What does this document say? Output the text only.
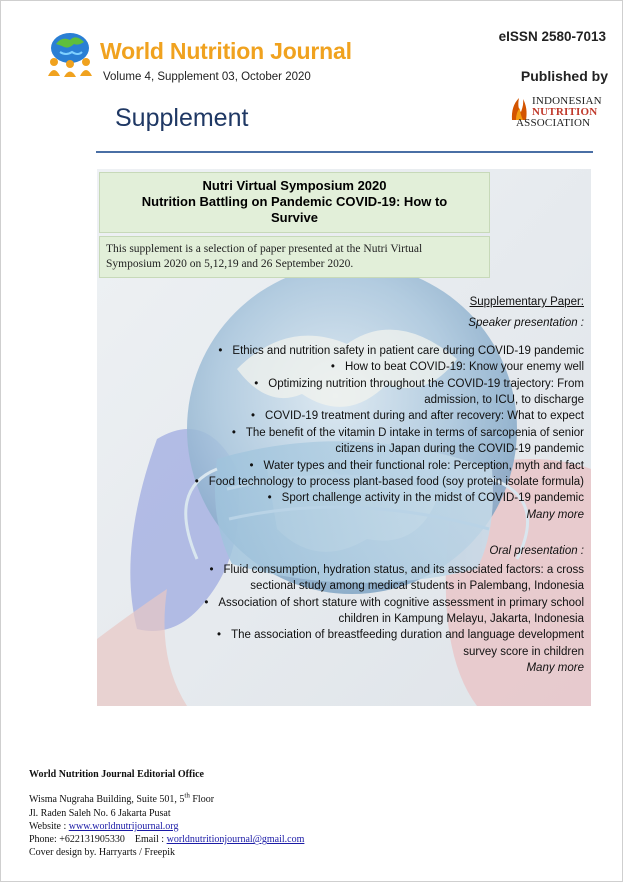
World Nutrition Journal
Volume 4, Supplement 03, October 2020
eISSN 2580-7013
Published by
INDONESIAN
NUTRITION
ASSOCIATION
Supplement
Nutri Virtual Symposium 2020
Nutrition Battling on Pandemic COVID-19: How to
Survive
This supplement is a selection of paper presented at the Nutri Virtual
Symposium 2020 on 5,12,19 and 26 September 2020.
Supplementary Paper:
Speaker presentation :
• Ethics and nutrition safety in patient care during COVID-19 pandemic
• How to beat COVID-19: Know your enemy well
• Optimizing nutrition throughout the COVID-19 trajectory: From
admission, to ICU, to discharge
• COVID-19 treatment during and after recovery: What to expect
• The benefit of the vitamin D intake in terms of sarcopenia of senior
citizens in Japan during the COVID-19 pandemic
• Water types and their functional role: Perception, myth and fact
• Food technology to process plant-based food (soy protein isolate formula)
• Sport challenge activity in the midst of COVID-19 pandemic
Many more
Oral presentation :
• Fluid consumption, hydration status, and its associated factors: a cross
sectional study among medical students in Palembang, Indonesia
• Association of short stature with cognitive assessment in primary school
children in Kampung Melayu, Jakarta, Indonesia
• The association of breastfeeding duration and language development
survey score in children
Many more
World Nutrition Journal Editorial Office
Wisma Nugraha Building, Suite 501, 5th Floor
Jl. Raden Saleh No. 6 Jakarta Pusat
Website : www.worldnutrijournal.org
Phone: +622131905330 Email : worldnutritionjournal@gmail.com
Cover design by. Harryarts / Freepik
